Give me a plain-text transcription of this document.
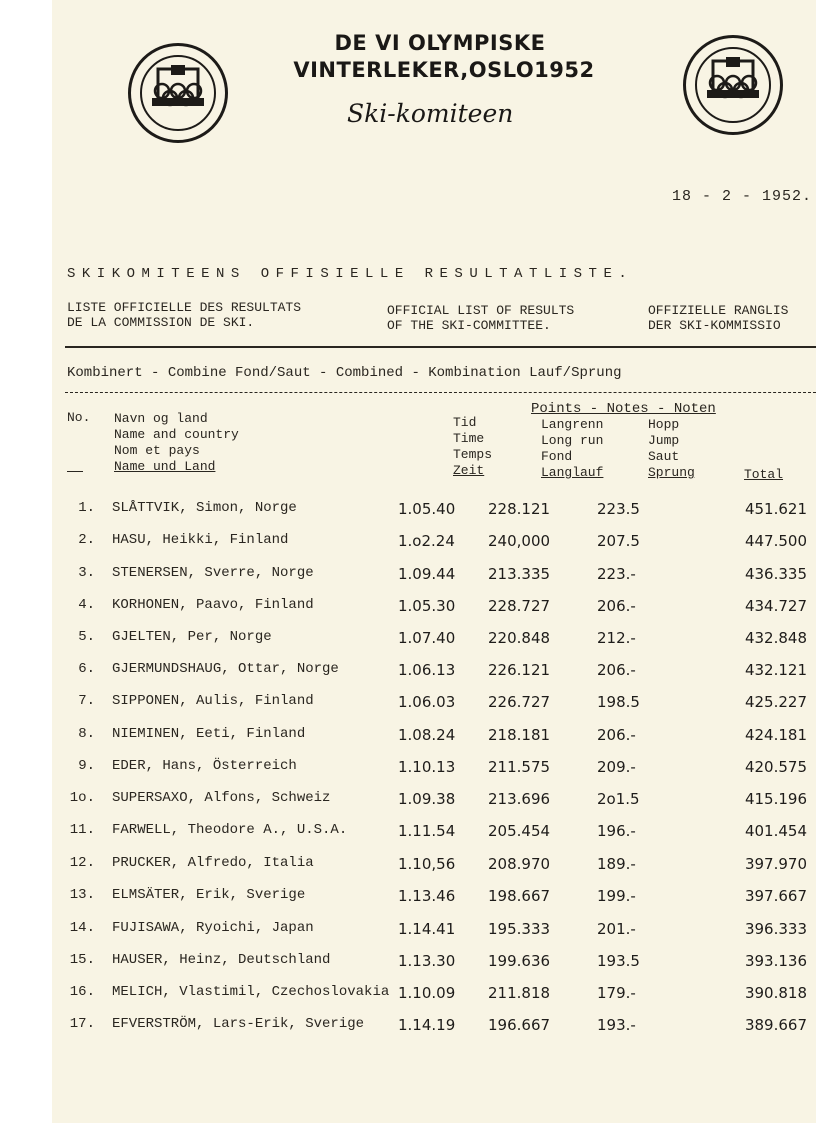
DE VI OLYMPISKE
VINTERLEKER,OSLO1952
Ski-komiteen
18 - 2 - 1952.
SKIKOMITEENS OFFISIELLE RESULTATLISTE.
LISTE OFFICIELLE DES RESULTATS
DE LA COMMISSION DE SKI.
OFFICIAL LIST OF RESULTS
OF THE SKI-COMMITTEE.
OFFIZIELLE RANGLIS
DER SKI-KOMMISSIO
Kombinert - Combine Fond/Saut - Combined - Kombination Lauf/Sprung
No. Navn og land
Name and country
Nom et pays
Name und Land
Tid
Time
Temps
Zeit
Points - Notes - Noten
Langrenn
Long run
Fond
Langlauf
Hopp
Jump
Saut
Sprung	Total
1. SLÅTTVIK, Simon, Norge	1.05.40 228.121	223.5	451.621
2. HASU, Heikki, Finland	1.o2.24 240,000	207.5	447.500
3. STENERSEN, Sverre, Norge	1.09.44 213.335	223.-	436.335
4. KORHONEN, Paavo, Finland	1.05.30 228.727	206.-	434.727
5. GJELTEN, Per, Norge	1.07.40 220.848	212.-	432.848
6. GJERMUNDSHAUG, Ottar, Norge	1.06.13 226.121	206.-	432.121
7. SIPPONEN, Aulis, Finland	1.06.03 226.727	198.5	425.227
8. NIEMINEN, Eeti, Finland	1.08.24 218.181	206.-	424.181
9. EDER, Hans, Österreich	1.10.13 211.575	209.-	420.575
1o. SUPERSAXO, Alfons, Schweiz	1.09.38 213.696	2o1.5	415.196
11. FARWELL, Theodore A., U.S.A.	1.11.54 205.454	196.-	401.454
12. PRUCKER, Alfredo, Italia	1.10,56 208.970	189.-	397.970
13. ELMSÄTER, Erik, Sverige	1.13.46 198.667	199.-	397.667
14. FUJISAWA, Ryoichi, Japan	1.14.41 195.333	201.-	396.333
15. HAUSER, Heinz, Deutschland	1.13.30 199.636	193.5	393.136
16. MELICH, Vlastimil, Czechoslovakia 1.10.09 211.818	179.-	390.818
17. EFVERSTRÖM, Lars-Erik, Sverige 1.14.19 196.667	193.-	389.667
